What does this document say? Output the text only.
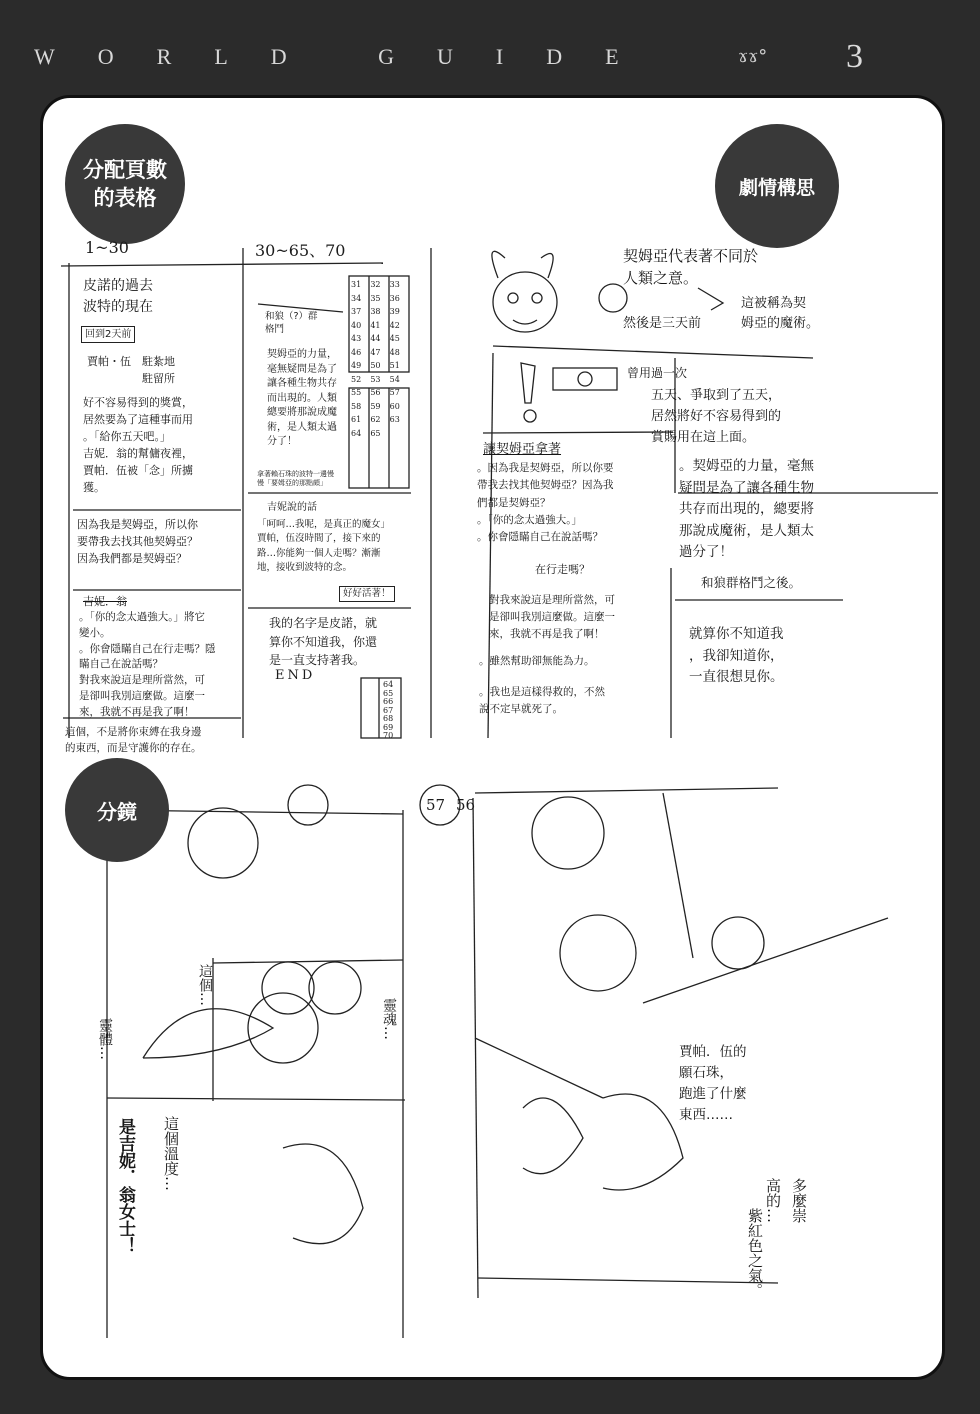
WORLD GUIDE	ɤɤ° 3
分配頁數
的表格	劇情構思
分鏡
1~30	30~65、70
皮諾的過去
波特的現在
回到2天前
賈帕・伍　駐紮地
　　　　　駐留所
好不容易得到的獎賞，
居然要為了這種事而用
。「給你五天吧。」
吉妮．翁的幫傭夜裡，
賈帕．伍被「念」所擄
獲。
因為我是契姆亞，所以你
要帶我去找其他契姆亞？
因為我們都是契姆亞？
吉妮．翁
。「你的念太過強大。」將它
變小。
。你會隱瞞自己在行走嗎？隱
瞞自己在說話嗎？
對我來說這是理所當然，可
是卻叫我別這麼做。這麼一
來，我就不再是我了啊！
這個，不是將你束縛在我身邊
的東西，而是守護你的存在。
和狼（?）群
格鬥
契姆亞的力量，
毫無疑問是為了
讓各種生物共存
而出現的。人類
總要將那說成魔
術，是人類太過
分了！
拿著賴石珠的波特一邊慢
慢「要姆亞的那點頗」
吉妮說的話
「呵呵…我呢，是真正的魔女」
賈帕，伍沒時間了，接下來的
路…你能夠一個人走嗎？漸漸
地，接收到波特的念。
好好活著！
我的名字是皮諾，就
算你不知道我，你還
是一直支持著我。
END
31	32	33
34	35	36
37	38	39
40	41	42
43	44	45
46	47	48
49	50	51
52	53	54
55	56	57
58	59	60
61	62	63
64	65
64
65
66
67
68
69
70
契姆亞代表著不同於
人類之意。
這被稱為契
姆亞的魔術。
然後是三天前
曾用過一次
五天、爭取到了五天，
居然將好不容易得到的
賞賜用在這上面。
讓契姆亞拿著
。因為我是契姆亞，所以你要
帶我去找其他契姆亞？因為我
們都是契姆亞？
。「你的念太過強大。」
。你會隱瞞自己在說話嗎？
在行走嗎？
對我來說這是理所當然，可
是卻叫我別這麼做。這麼一
來，我就不再是我了啊！
。雖然幫助卻無能為力。
。我也是這樣得救的，不然
說不定早就死了。
。契姆亞的力量，毫無
疑問是為了讓各種生物
共存而出現的，總要將
那說成魔術，是人類太
過分了！
和狼群格鬥之後。
就算你不知道我
，我卻知道你，
一直很想見你。
57 56
靈體…
這個…
靈魂…
是吉妮．翁女士！ 這個溫度…
賈帕．伍的
願石珠，
跑進了什麼
東西……
多麼崇
高的…
紫紅色之氣。
